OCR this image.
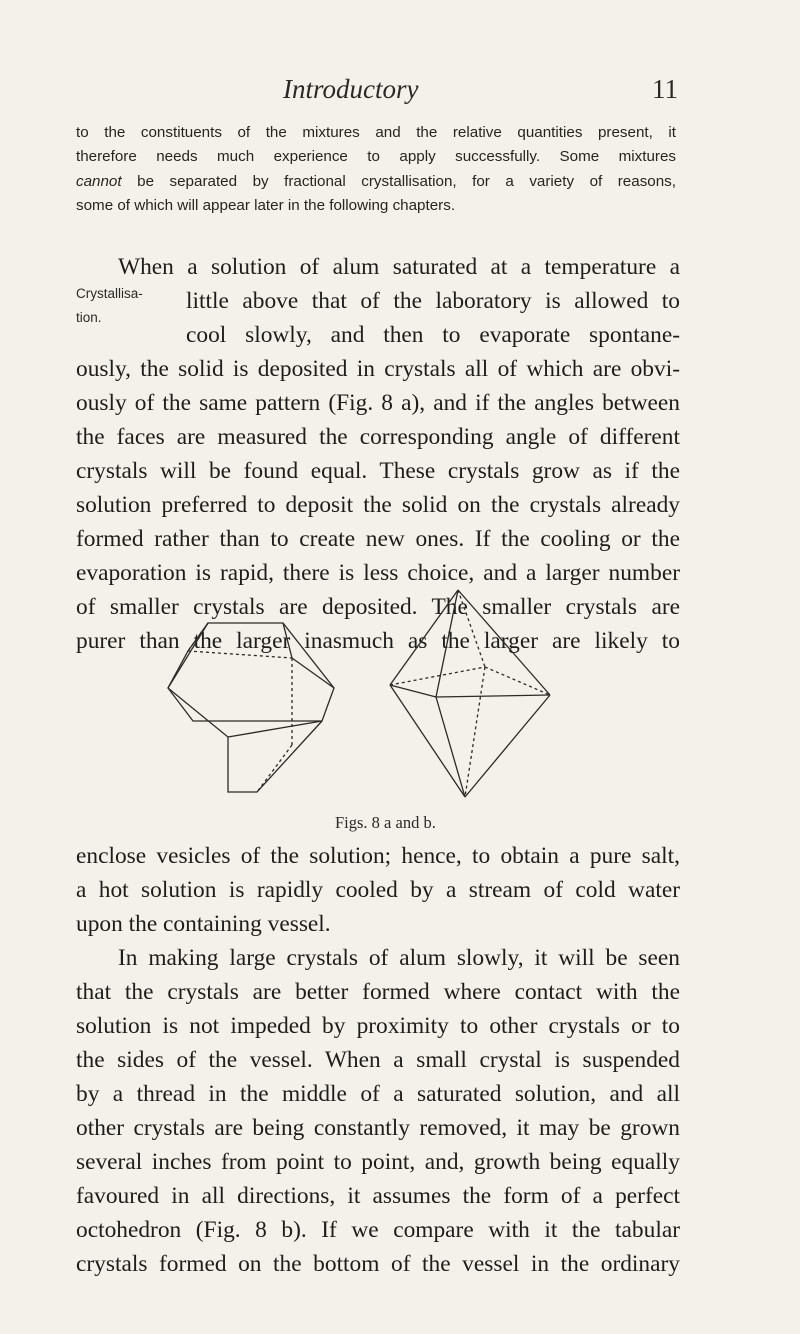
Introductory	11
to the constituents of the mixtures and the relative quantities present, it
therefore needs much experience to apply successfully. Some mixtures
cannot be separated by fractional crystallisation, for a variety of reasons,
some of which will appear later in the following chapters.
Crystallisa-
tion.
When a solution of alum saturated at a temperature a
little above that of the laboratory is allowed to
cool slowly, and then to evaporate spontane-
ously, the solid is deposited in crystals all of which are obvi-
ously of the same pattern (Fig. 8 a), and if the angles between
the faces are measured the corresponding angle of different
crystals will be found equal. These crystals grow as if the
solution preferred to deposit the solid on the crystals already
formed rather than to create new ones. If the cooling or the
evaporation is rapid, there is less choice, and a larger number
of smaller crystals are deposited. The smaller crystals are
purer than the larger inasmuch as the larger are likely to
Figs. 8 a and b.
enclose vesicles of the solution; hence, to obtain a pure salt,
a hot solution is rapidly cooled by a stream of cold water
upon the containing vessel.
In making large crystals of alum slowly, it will be seen
that the crystals are better formed where contact with the
solution is not impeded by proximity to other crystals or to
the sides of the vessel. When a small crystal is suspended
by a thread in the middle of a saturated solution, and all
other crystals are being constantly removed, it may be grown
several inches from point to point, and, growth being equally
favoured in all directions, it assumes the form of a perfect
octohedron (Fig. 8 b). If we compare with it the tabular
crystals formed on the bottom of the vessel in the ordinary
